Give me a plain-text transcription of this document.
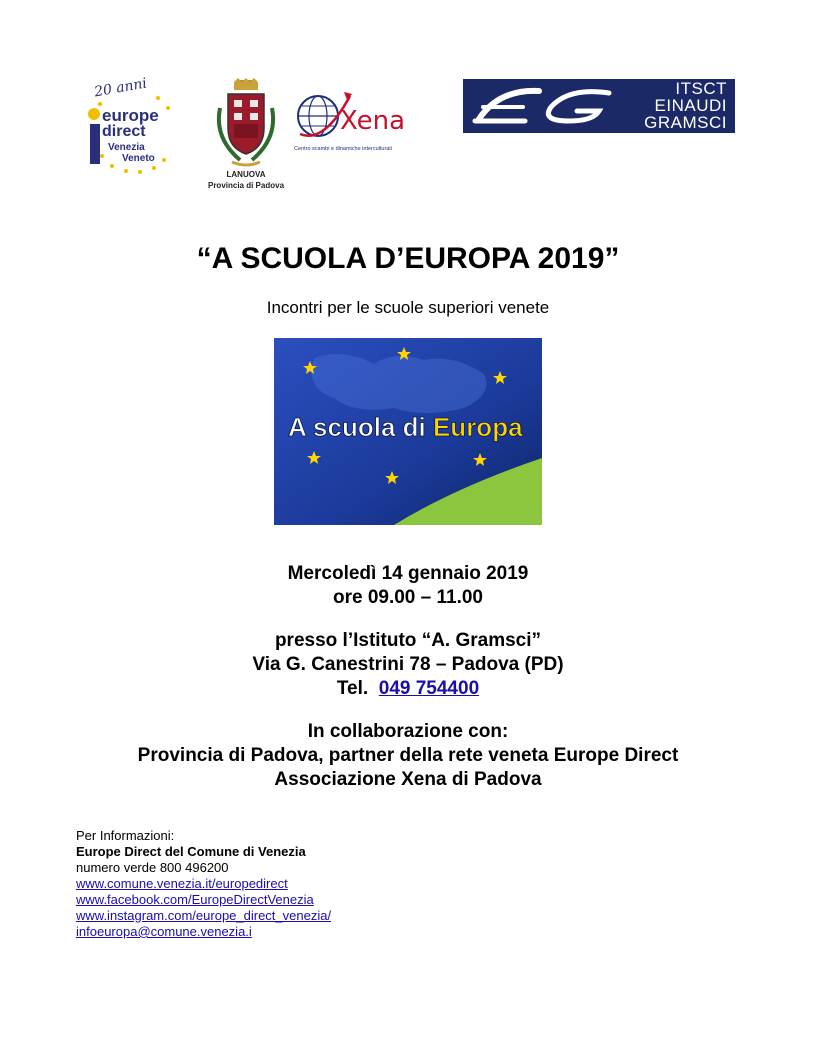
20 anni
europe
direct
Venezia
Veneto
LANUOVA
Provincia di Padova
Xena
Centro scambi e dinamiche interculturali
ITSCT
EINAUDI
GRAMSCI
“A SCUOLA D’EUROPA 2019”
Incontri per le scuole superiori venete
A scuola di Europa
Mercoledì 14 gennaio 2019
ore 09.00 – 11.00
presso l’Istituto “A. Gramsci”
Via G. Canestrini 78 – Padova (PD)
Tel. 049 754400
In collaborazione con:
Provincia di Padova, partner della rete veneta Europe Direct
Associazione Xena di Padova
Per Informazioni:
Europe Direct del Comune di Venezia
numero verde 800 496200
www.comune.venezia.it/europedirect
www.facebook.com/EuropeDirectVenezia
www.instagram.com/europe_direct_venezia/
infoeuropa@comune.venezia.i
